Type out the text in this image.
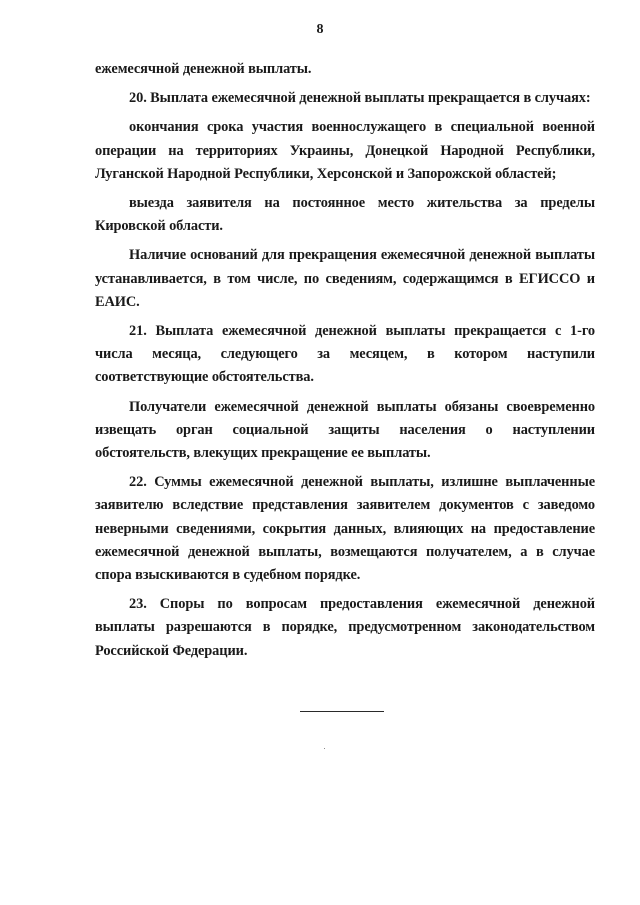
8

ежемесячной денежной выплаты.

20. Выплата ежемесячной денежной выплаты прекращается в случаях:

окончания срока участия военнослужащего в специальной военной операции на территориях Украины, Донецкой Народной Республики, Луганской Народной Республики, Херсонской и Запорожской областей;

выезда заявителя на постоянное место жительства за пределы Кировской области.

Наличие оснований для прекращения ежемесячной денежной выплаты устанавливается, в том числе, по сведениям, содержащимся в ЕГИССО и ЕАИС.

21. Выплата ежемесячной денежной выплаты прекращается с 1-го числа месяца, следующего за месяцем, в котором наступили соответствующие обстоятельства.

Получатели ежемесячной денежной выплаты обязаны своевременно извещать орган социальной защиты населения о наступлении обстоятельств, влекущих прекращение ее выплаты.

22. Суммы ежемесячной денежной выплаты, излишне выплаченные заявителю вследствие представления заявителем документов с заведомо неверными сведениями, сокрытия данных, влияющих на предоставление ежемесячной денежной выплаты, возмещаются получателем, а в случае спора взыскиваются в судебном порядке.

23. Споры по вопросам предоставления ежемесячной денежной выплаты разрешаются в порядке, предусмотренном законодательством Российской Федерации.
